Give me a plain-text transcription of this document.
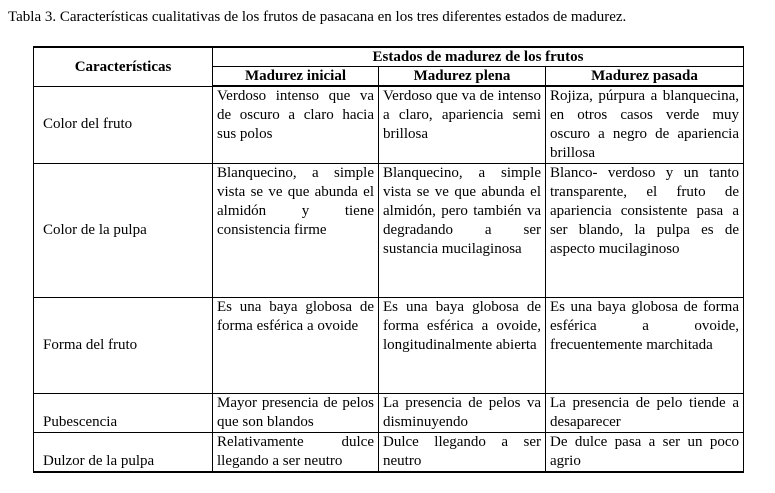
Tabla 3. Características cualitativas de los frutos de pasacana en los tres diferentes estados de madurez.
Características	Estados de madurez de los frutos		
	Madurez inicial	Madurez plena	Madurez pasada
Color del fruto	Verdoso intenso que va de oscuro a claro hacia sus polos	Verdoso que va de intenso a claro, apariencia semi brillosa	Rojiza, púrpura a blanquecina, en otros casos verde muy oscuro a negro de apariencia brillosa
Color de la pulpa	Blanquecino, a simple vista se ve que abunda el almidón y tiene consistencia firme	Blanquecino, a simple vista se ve que abunda el almidón, pero también va degradando a ser sustancia mucilaginosa	Blanco- verdoso y un tanto transparente, el fruto de apariencia consistente pasa a ser blando, la pulpa es de aspecto mucilaginoso
Forma del fruto	Es una baya globosa de forma esférica a ovoide	Es una baya globosa de forma esférica a ovoide, longitudinalmente abierta	Es una baya globosa de forma esférica a ovoide, frecuentemente marchitada
Pubescencia	Mayor presencia de pelos que son blandos	La presencia de pelos va disminuyendo	La presencia de pelo tiende a desaparecer
Dulzor de la pulpa	Relativamente dulce llegando a ser neutro	Dulce llegando a ser neutro	De dulce pasa a ser un poco agrio
